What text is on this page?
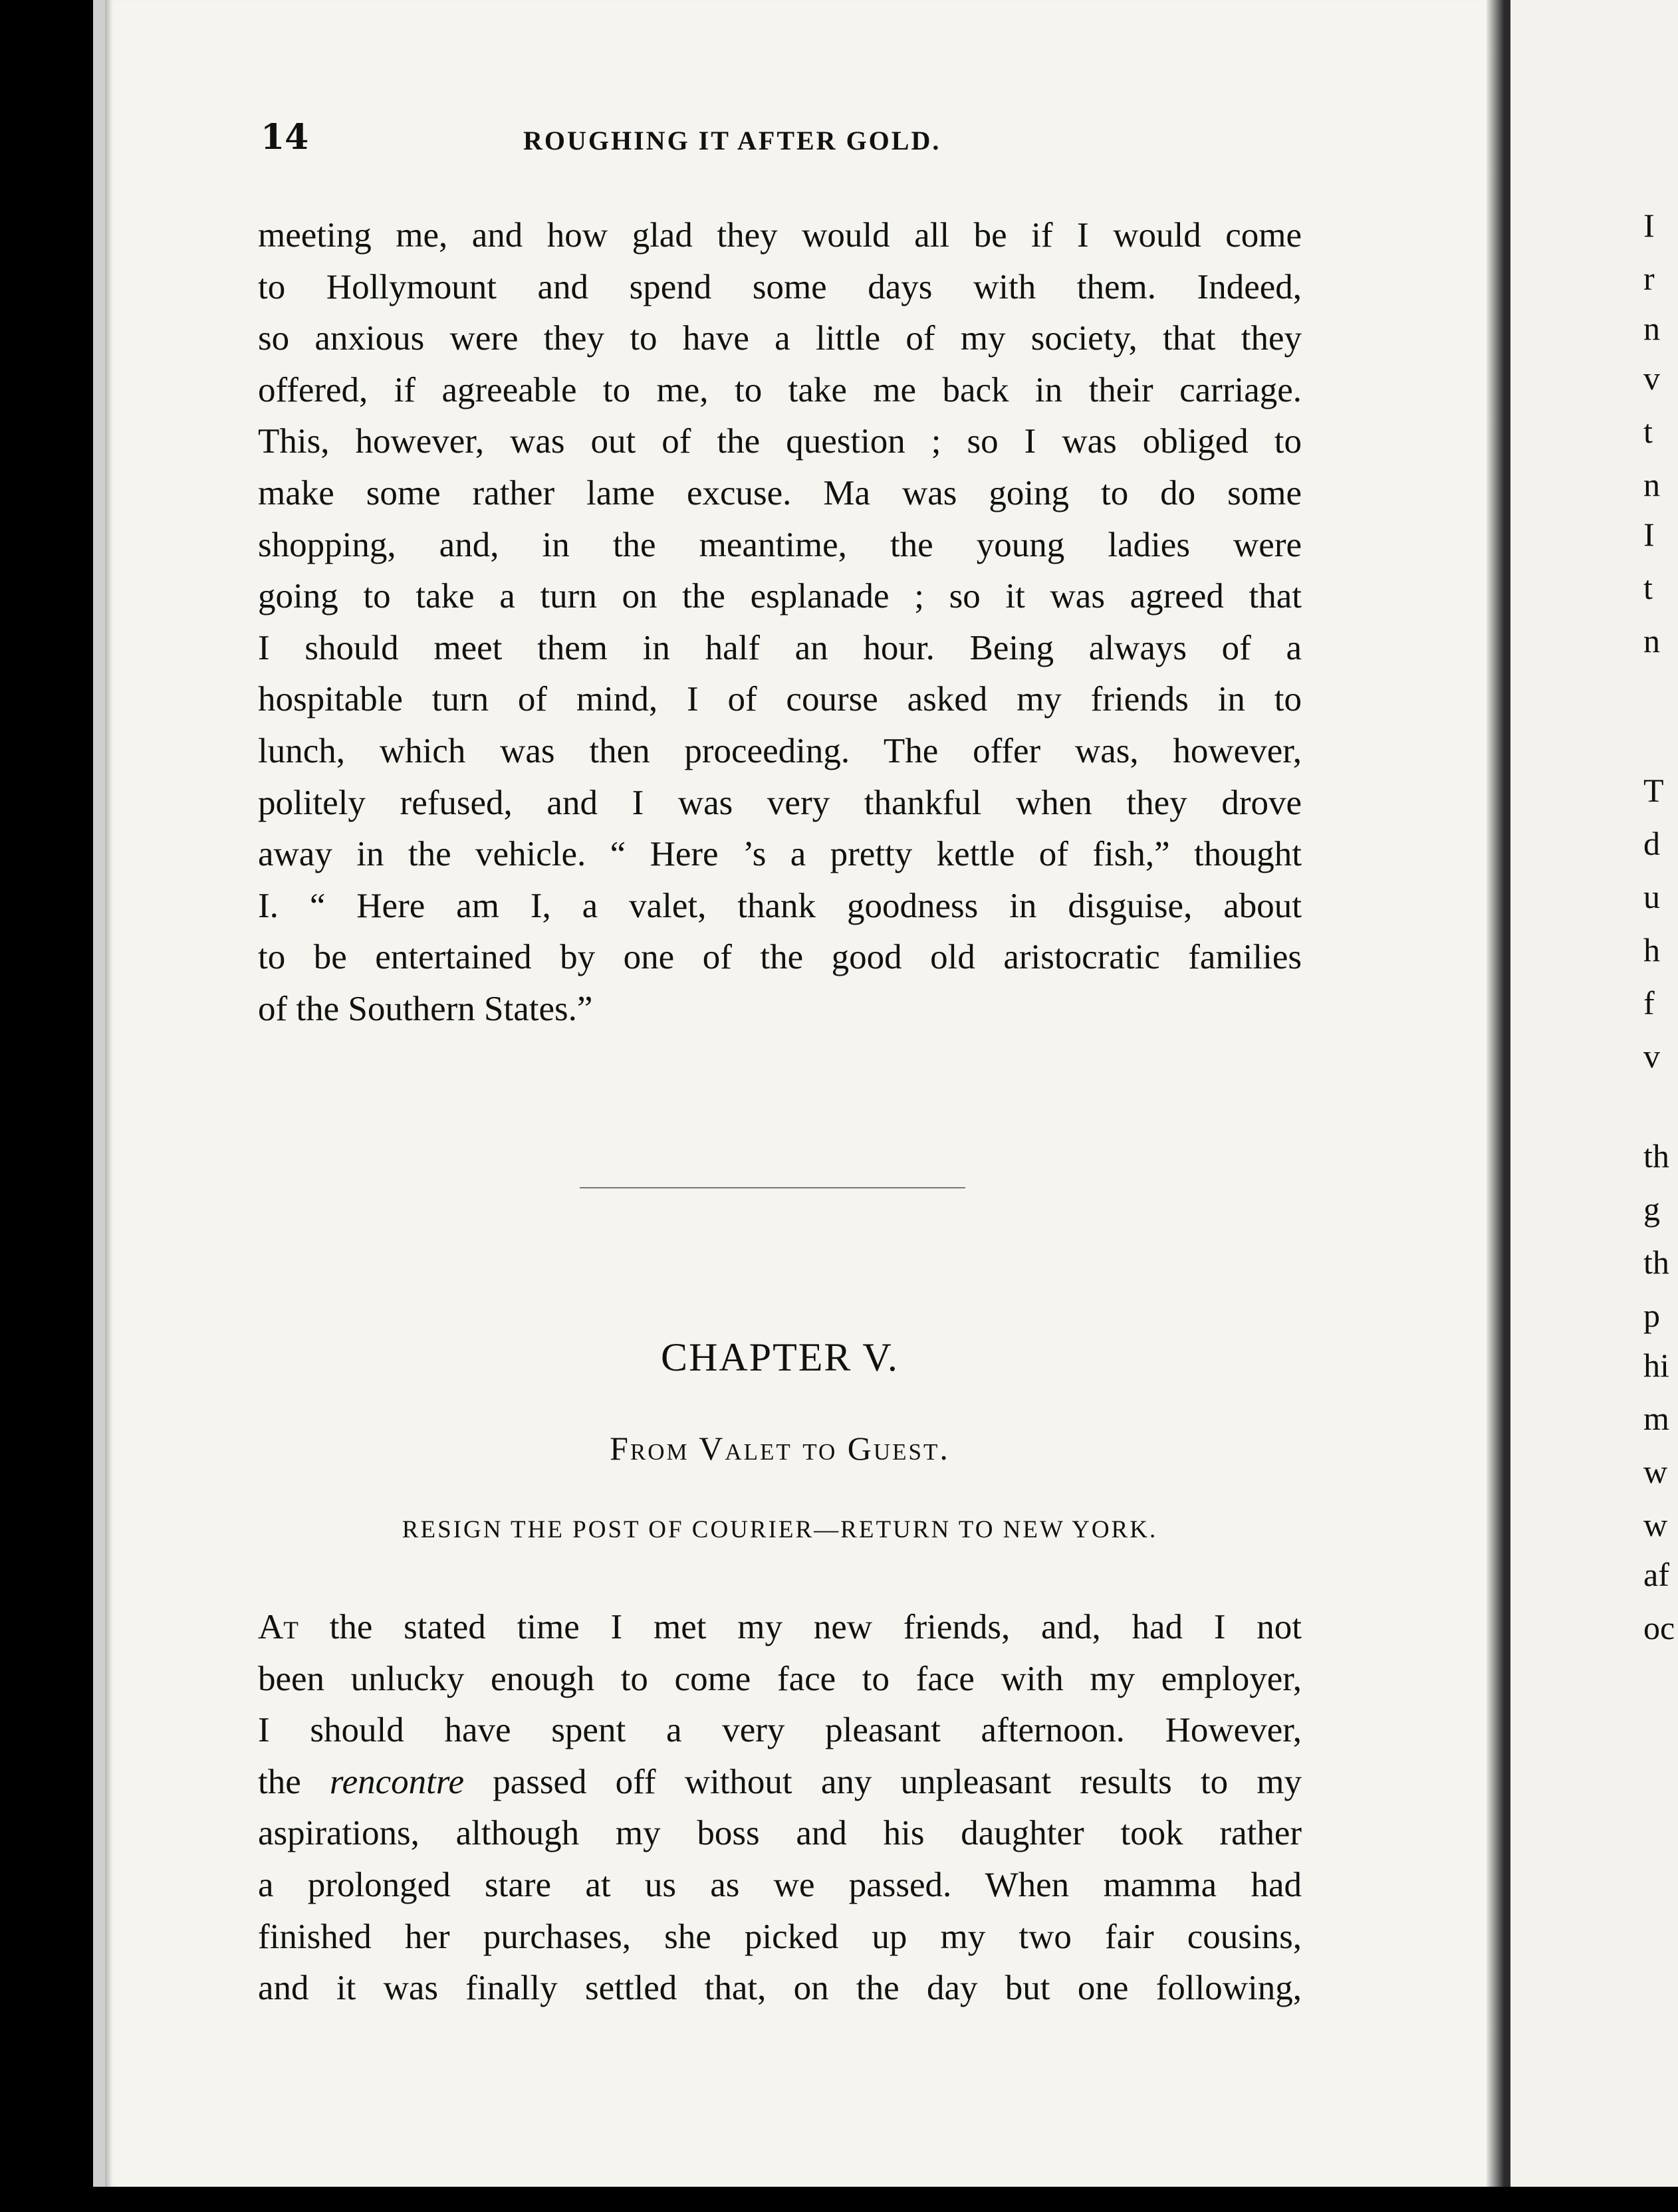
14	ROUGHING IT AFTER GOLD.
meeting me, and how glad they would all be if I would come
to Hollymount and spend some days with them. Indeed,
so anxious were they to have a little of my society, that they
offered, if agreeable to me, to take me back in their carriage.
This, however, was out of the question ; so I was obliged to
make some rather lame excuse. Ma was going to do some
shopping, and, in the meantime, the young ladies were
going to take a turn on the esplanade ; so it was agreed that
I should meet them in half an hour. Being always of a
hospitable turn of mind, I of course asked my friends in to
lunch, which was then proceeding. The offer was, however,
politely refused, and I was very thankful when they drove
away in the vehicle. “ Here ’s a pretty kettle of fish,” thought
I. “ Here am I, a valet, thank goodness in disguise, about
to be entertained by one of the good old aristocratic families
of the Southern States.”
CHAPTER V.
From Valet to Guest.
RESIGN THE POST OF COURIER—RETURN TO NEW YORK.
At the stated time I met my new friends, and, had I not
been unlucky enough to come face to face with my employer,
I should have spent a very pleasant afternoon. However,
the rencontre passed off without any unpleasant results to my
aspirations, although my boss and his daughter took rather
a prolonged stare at us as we passed. When mamma had
finished her purchases, she picked up my two fair cousins,
and it was finally settled that, on the day but one following,
I
r
n
v
t
n
I
t
n
T
d
u
h
f
v
th
g
th
p
hi
m
w
w
af
oc
